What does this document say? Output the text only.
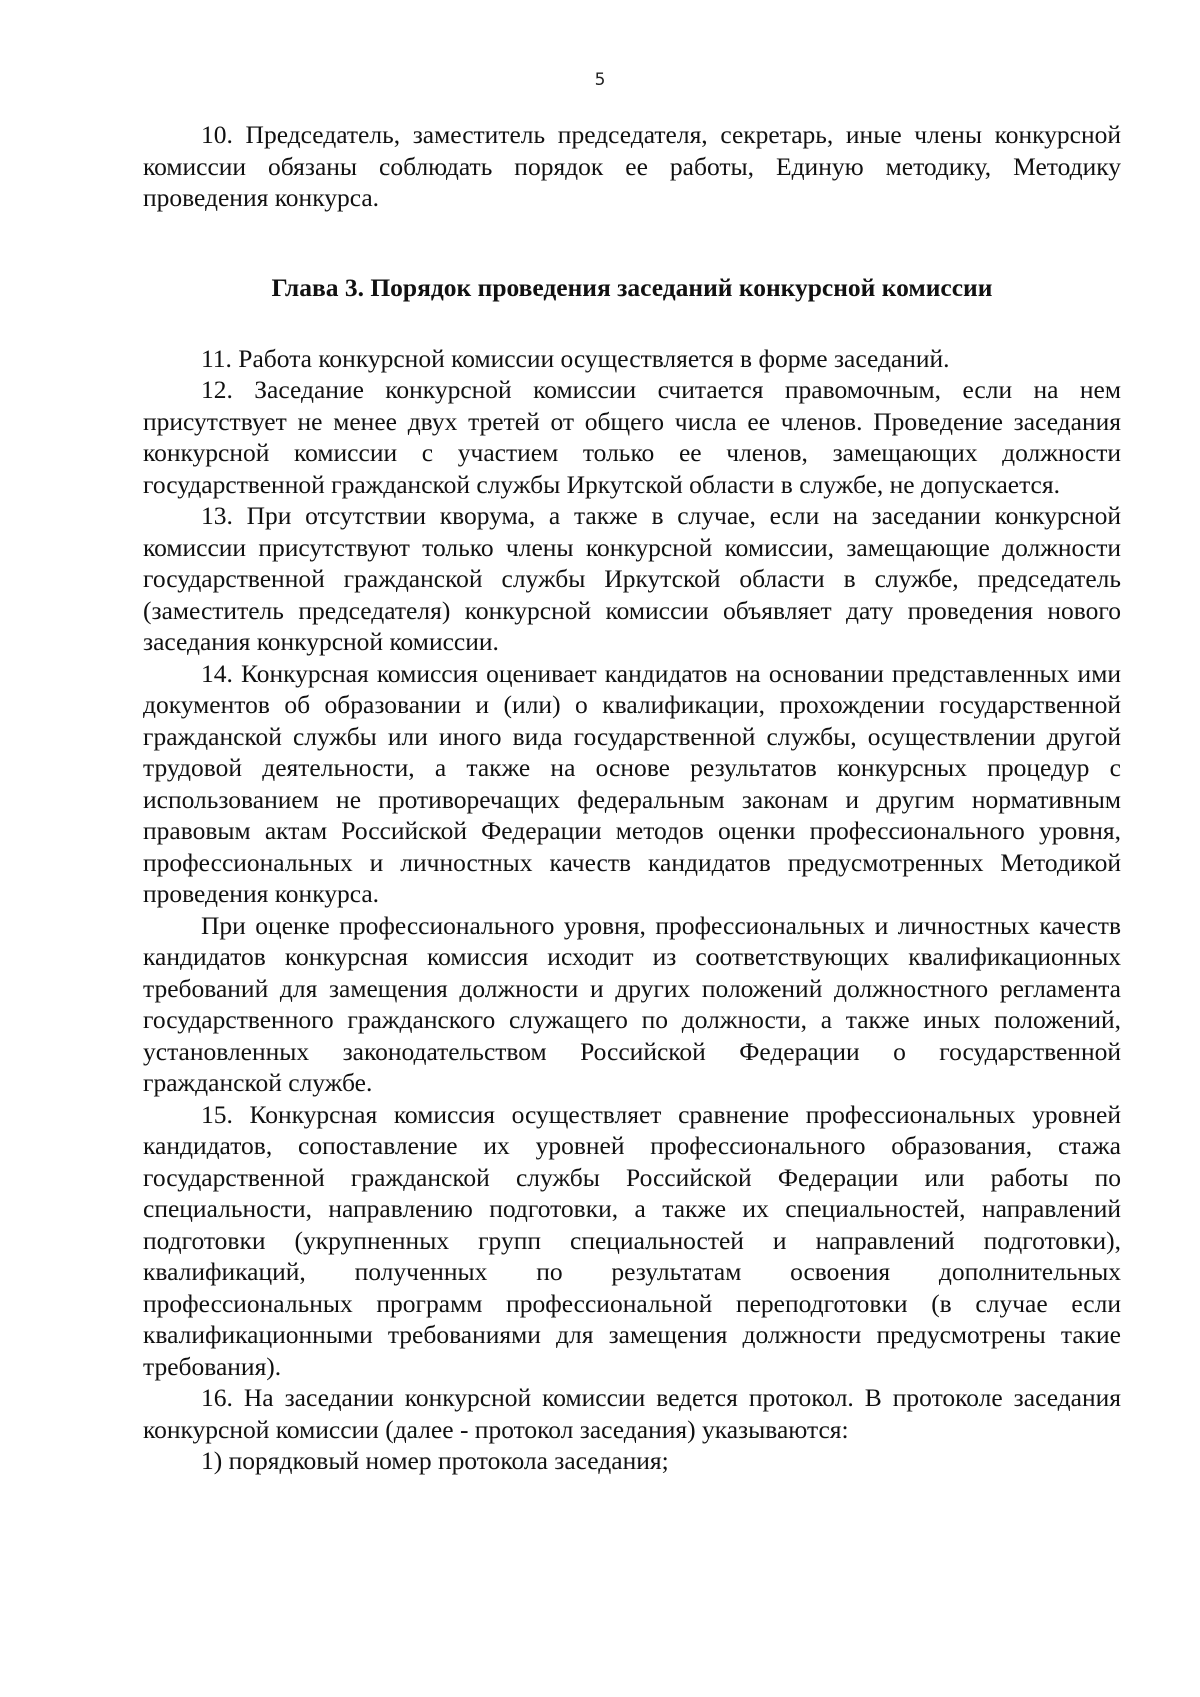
5

10. Председатель, заместитель председателя, секретарь, иные члены конкурсной комиссии обязаны соблюдать порядок ее работы, Единую методику, Методику проведения конкурса.

Глава 3. Порядок проведения заседаний конкурсной комиссии

11. Работа конкурсной комиссии осуществляется в форме заседаний.

12. Заседание конкурсной комиссии считается правомочным, если на нем присутствует не менее двух третей от общего числа ее членов. Проведение заседания конкурсной комиссии с участием только ее членов, замещающих должности государственной гражданской службы Иркутской области в службе, не допускается.

13. При отсутствии кворума, а также в случае, если на заседании конкурсной комиссии присутствуют только члены конкурсной комиссии, замещающие должности государственной гражданской службы Иркутской области в службе, председатель (заместитель председателя) конкурсной комиссии объявляет дату проведения нового заседания конкурсной комиссии.

14. Конкурсная комиссия оценивает кандидатов на основании представленных ими документов об образовании и (или) о квалификации, прохождении государственной гражданской службы или иного вида государственной службы, осуществлении другой трудовой деятельности, а также на основе результатов конкурсных процедур с использованием не противоречащих федеральным законам и другим нормативным правовым актам Российской Федерации методов оценки профессионального уровня, профессиональных и личностных качеств кандидатов предусмотренных Методикой проведения конкурса.

При оценке профессионального уровня, профессиональных и личностных качеств кандидатов конкурсная комиссия исходит из соответствующих квалификационных требований для замещения должности и других положений должностного регламента государственного гражданского служащего по должности, а также иных положений, установленных законодательством Российской Федерации о государственной гражданской службе.

15. Конкурсная комиссия осуществляет сравнение профессиональных уровней кандидатов, сопоставление их уровней профессионального образования, стажа государственной гражданской службы Российской Федерации или работы по специальности, направлению подготовки, а также их специальностей, направлений подготовки (укрупненных групп специальностей и направлений подготовки), квалификаций, полученных по результатам освоения дополнительных профессиональных программ профессиональной переподготовки (в случае если квалификационными требованиями для замещения должности предусмотрены такие требования).

16. На заседании конкурсной комиссии ведется протокол. В протоколе заседания конкурсной комиссии (далее - протокол заседания) указываются:

1) порядковый номер протокола заседания;
